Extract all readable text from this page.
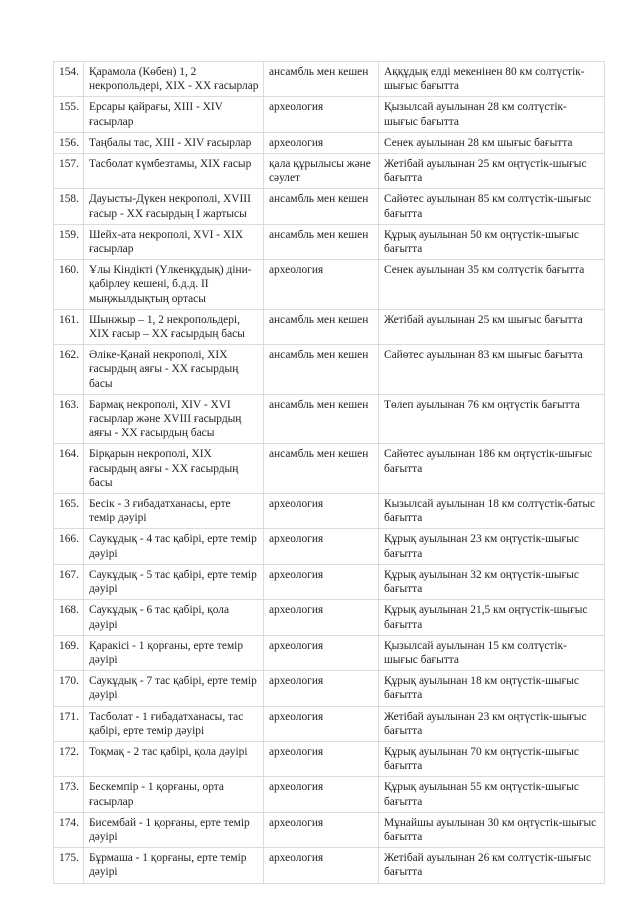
154.	Қарамола (Көбен) 1, 2 некропольдері, XIX - XX ғасырлар	ансамбль мен кешен	Аққұдық елді мекенінен 80 км солтүстік-шығыс бағытта
155.	Ерсары қайрағы, XIII - XIV ғасырлар	археология	Қызылсай ауылынан 28 км солтүстік-шығыс бағытта
156.	Таңбалы тас, XIII - XIV ғасырлар	археология	Сенек ауылынан 28 км шығыс бағытта
157.	Тасболат күмбезтамы, XIX ғасыр	қала құрылысы және сәулет	Жетібай ауылынан 25 км оңтүстік-шығыс бағытта
158.	Дауысты-Дүкен некрополі, XVIII ғасыр - XX ғасырдың I жартысы	ансамбль мен кешен	Сайөтес ауылынан 85 км солтүстік-шығыс бағытта
159.	Шейх-ата некрополі, XVI - XIX ғасырлар	ансамбль мен кешен	Құрық ауылынан 50 км оңтүстік-шығыс бағытта
160.	Ұлы Кіндікті (Үлкенқұдық) діни-қабірлеу кешені, б.д.д. II мыңжылдықтың ортасы	археология	Сенек ауылынан 35 км солтүстік бағытта
161.	Шынжыр – 1, 2 некропольдері, XIX ғасыр – XX ғасырдың басы	ансамбль мен кешен	Жетібай ауылынан 25 км шығыс бағытта
162.	Әліке-Қанай некрополі, XIX ғасырдың аяғы - XX ғасырдың басы	ансамбль мен кешен	Сайөтес ауылынан 83 км шығыс бағытта
163.	Бармақ некрополі, XIV - XVI ғасырлар және XVIII ғасырдың аяғы - XX ғасырдың басы	ансамбль мен кешен	Төлеп ауылынан 76 км оңтүстік бағытта
164.	Бірқарын некрополі, XIX ғасырдың аяғы - XX ғасырдың басы	ансамбль мен кешен	Сайөтес ауылынан 186 км оңтүстік-шығыс бағытта
165.	Бесік - 3 ғибадатханасы, ерте темір дәуірі	археология	Кызылсай ауылынан 18 км солтүстік-батыс бағытта
166.	Саукұдық - 4 тас қабірі, ерте темір дәуірі	археология	Құрық ауылынан 23 км оңтүстік-шығыс бағытта
167.	Саукұдық - 5 тас қабірі, ерте темір дәуірі	археология	Құрық ауылынан 32 км оңтүстік-шығыс бағытта
168.	Саукұдық - 6 тас қабірі, қола дәуірі	археология	Құрық ауылынан 21,5 км оңтүстік-шығыс бағытта
169.	Қаракісі - 1 қорғаны, ерте темір дәуірі	археология	Қызылсай ауылынан 15 км солтүстік-шығыс бағытта
170.	Саукұдық - 7 тас қабірі, ерте темір дәуірі	археология	Құрық ауылынан 18 км оңтүстік-шығыс бағытта
171.	Тасболат - 1 ғибадатханасы, тас қабірі, ерте темір дәуірі	археология	Жетібай ауылынан 23 км оңтүстік-шығыс бағытта
172.	Тоқмақ - 2 тас қабірі, қола дәуірі	археология	Құрық ауылынан 70 км оңтүстік-шығыс бағытта
173.	Бескемпір - 1 қорғаны, орта ғасырлар	археология	Құрық ауылынан 55 км оңтүстік-шығыс бағытта
174.	Бисембай - 1 қорғаны, ерте темір дәуірі	археология	Мұнайшы ауылынан 30 км оңтүстік-шығыс бағытта
175.	Бұрмаша - 1 қорғаны, ерте темір дәуірі	археология	Жетібай ауылынан 26 км солтүстік-шығыс бағытта
